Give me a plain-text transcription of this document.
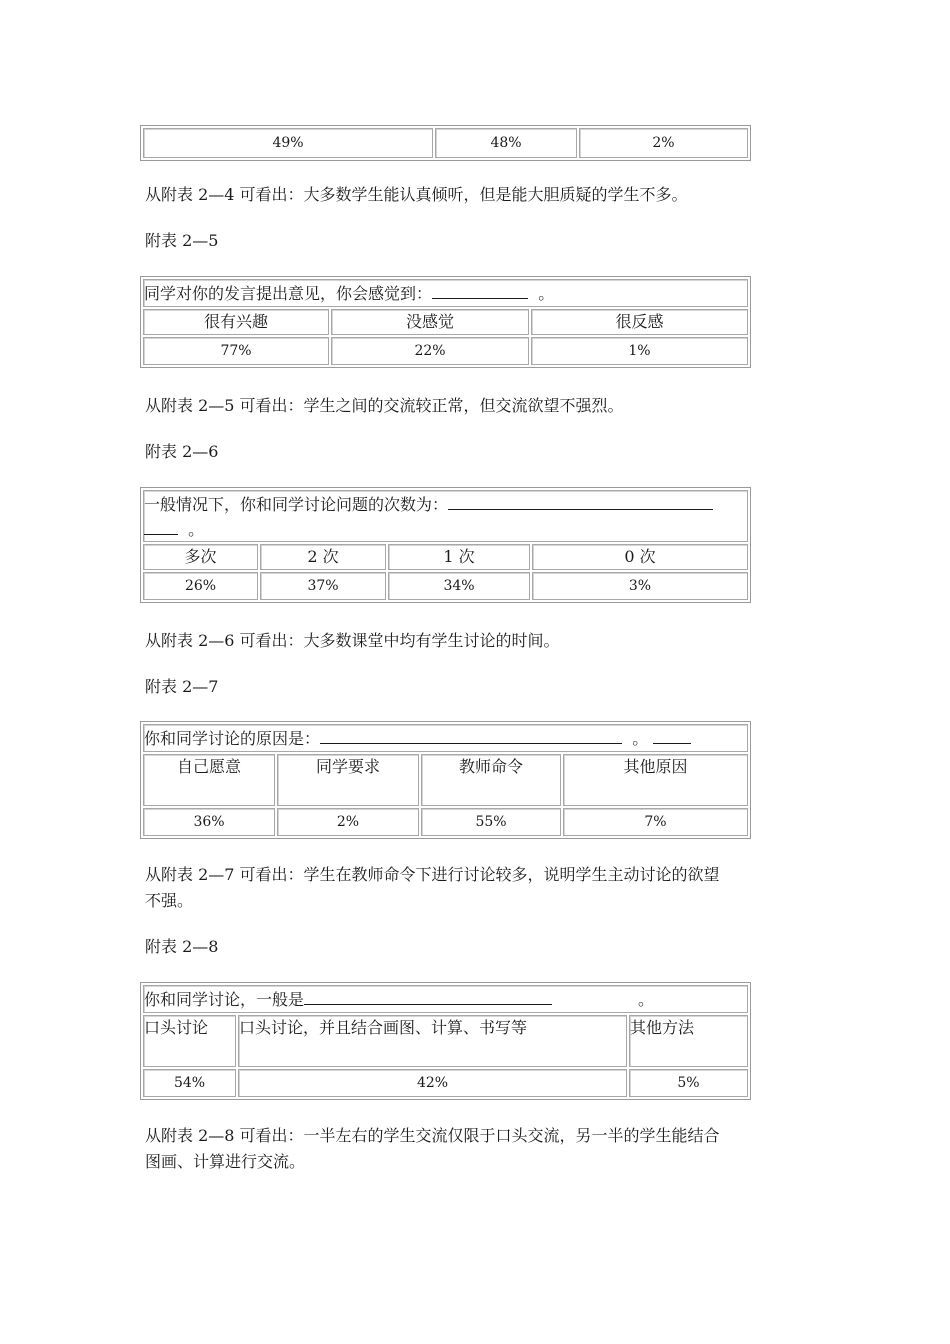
49%	48%	2%

从附表 2—4 可看出：大多数学生能认真倾听，但是能大胆质疑的学生不多。

附表 2—5

同学对你的发言提出意见，你会感觉到： 。		
很有兴趣	没感觉	很反感
77%	22%	1%

从附表 2—5 可看出：学生之间的交流较正常，但交流欲望不强烈。

附表 2—6

一般情况下，你和同学讨论问题的次数为：
。			

多次	2 次	1 次	0 次
26%	37%	34%	3%

从附表 2—6 可看出：大多数课堂中均有学生讨论的时间。

附表 2—7

你和同学讨论的原因是： 。			
自己愿意	同学要求	教师命令	其他原因
36%	2%	55%	7%

从附表 2—7 可看出：学生在教师命令下进行讨论较多，说明学生主动讨论的欲望
不强。

附表 2—8

你和同学讨论，一般是 。		
口头讨论	口头讨论，并且结合画图、计算、书写等	其他方法
54%	42%	5%

从附表 2—8 可看出：一半左右的学生交流仅限于口头交流，另一半的学生能结合
图画、计算进行交流。
